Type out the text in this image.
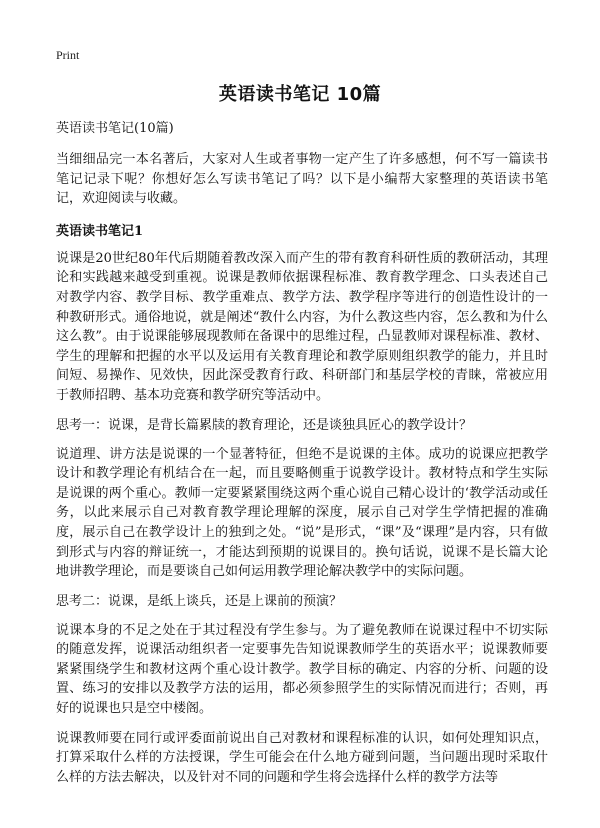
Print
英语读书笔记 10篇
英语读书笔记(10篇)

当细细品完一本名著后，大家对人生或者事物一定产生了许多感想，何不写一篇读书笔记记录下呢？你想好怎么写读书笔记了吗？以下是小编帮大家整理的英语读书笔记，欢迎阅读与收藏。

英语读书笔记1

说课是20世纪80年代后期随着教改深入而产生的带有教育科研性质的教研活动，其理论和实践越来越受到重视。说课是教师依据课程标准、教育教学理念、口头表述自己对教学内容、教学目标、教学重难点、教学方法、教学程序等进行的创造性设计的一种教研形式。通俗地说，就是阐述“教什么内容，为什么教这些内容，怎么教和为什么这么教”。由于说课能够展现教师在备课中的思维过程，凸显教师对课程标准、教材、学生的理解和把握的水平以及运用有关教育理论和教学原则组织教学的能力，并且时间短、易操作、见效快，因此深受教育行政、科研部门和基层学校的青睐，常被应用于教师招聘、基本功竞赛和教学研究等活动中。

思考一：说课，是背长篇累牍的教育理论，还是谈独具匠心的教学设计？

说道理、讲方法是说课的一个显著特征，但绝不是说课的主体。成功的说课应把教学设计和教学理论有机结合在一起，而且要略侧重于说教学设计。教材特点和学生实际是说课的两个重心。教师一定要紧紧围绕这两个重心说自己精心设计的‘教学活动或任务，以此来展示自己对教育教学理论理解的深度，展示自己对学生学情把握的准确度，展示自己在教学设计上的独到之处。“说”是形式，“课”及“课理”是内容，只有做到形式与内容的辩证统一，才能达到预期的说课目的。换句话说，说课不是长篇大论地讲教学理论，而是要谈自己如何运用教学理论解决教学中的实际问题。

思考二：说课，是纸上谈兵，还是上课前的预演？

说课本身的不足之处在于其过程没有学生参与。为了避免教师在说课过程中不切实际的随意发挥，说课活动组织者一定要事先告知说课教师学生的英语水平；说课教师要紧紧围绕学生和教材这两个重心设计教学。教学目标的确定、内容的分析、问题的设置、练习的安排以及教学方法的运用，都必须参照学生的实际情况而进行；否则，再好的说课也只是空中楼阁。

说课教师要在同行或评委面前说出自己对教材和课程标准的认识，如何处理知识点，打算采取什么样的方法授课，学生可能会在什么地方碰到问题，当问题出现时采取什么样的方法去解决，以及针对不同的问题和学生将会选择什么样的教学方法等
